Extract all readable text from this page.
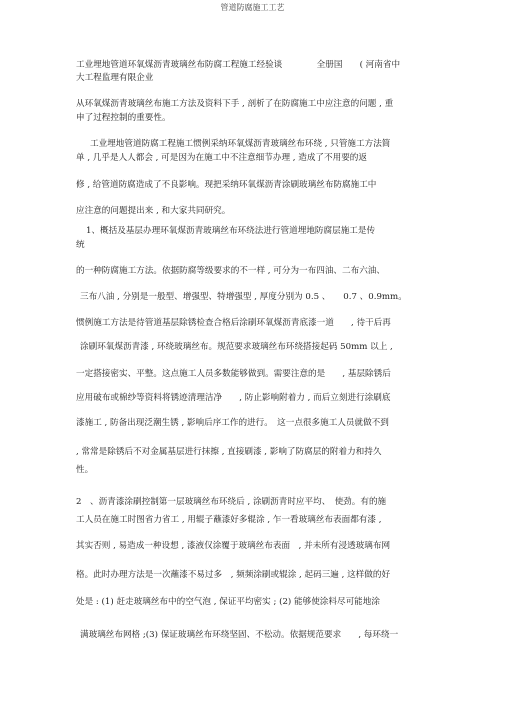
管道防腐施工工艺
工业埋地管道环氧煤沥青玻璃丝布防腐工程施工经验谈　　　　全册国　　( 河南省中
大工程监理有限企业
从环氧煤沥青玻璃丝布施工方法及资料下手 , 剖析了在防腐施工中应注意的问题 , 重
申了过程控制的重要性。
工业埋地管道防腐工程施工惯例采纳环氧煤沥青玻璃丝布环绕 , 只管施工方法简
单 , 几乎是人人都会 , 可是因为在施工中不注意细节办理 , 造成了不用要的返
修 , 给管道防腐造成了不良影响。现把采纳环氧煤沥青涂刷玻璃丝布防腐施工中
应注意的问题提出来 , 和大家共同研究。
1、概括及基层办理环氧煤沥青玻璃丝布环绕法进行管道埋地防腐层施工是传
统
的一种防腐施工方法。依据防腐等级要求的不一样 , 可分为一布四油、二布六油、
三布八油 , 分别是一般型、增强型、特增强型 , 厚度分别为 0.5 、　　0.7 、0.9mm。
惯例施工方法是待管道基层除锈检查合格后涂刷环氧煤沥青底漆一道　　, 待干后再
涂刷环氧煤沥青漆 , 环绕玻璃丝布。规范要求玻璃丝布环绕搭接起码 50mm 以上 ,
一定搭接密实、平整。这点施工人员多数能够做到。需要注意的是　　, 基层除锈后
应用破布或棉纱等资料将锈迹清理洁净　　, 防止影响附着力 , 而后立刻进行涂刷底
漆施工 , 防备出现泛潮生锈 , 影响后序工作的进行。　这一点很多施工人员就做不到
, 常常是除锈后不对金属基层进行抹擦 , 直接刷漆 , 影响了防腐层的附着力和持久
性。
2　、沥青漆涂刷控制第一层玻璃丝布环绕后 , 涂刷沥青时应平均、　使劲。有的施
工人员在施工时图省力省工 , 用辊子蘸漆好多辊涂 , 乍一看玻璃丝布表面都有漆 ,
其实否则 , 易造成一种设想 , 漆液仅涂覆于玻璃丝布表面　, 并未所有浸透玻璃布网
格。此时办理方法是一次蘸漆不易过多　, 频频涂刷或辊涂 , 起码三遍 , 这样做的好
处是 : (1) 赶走玻璃丝布中的空气泡 , 保证平均密实 ; (2) 能够使涂料尽可能地涂
满玻璃丝布网格 ;(3) 保证玻璃丝布环绕坚固、不松动。依据规范要求　　, 每环绕一
